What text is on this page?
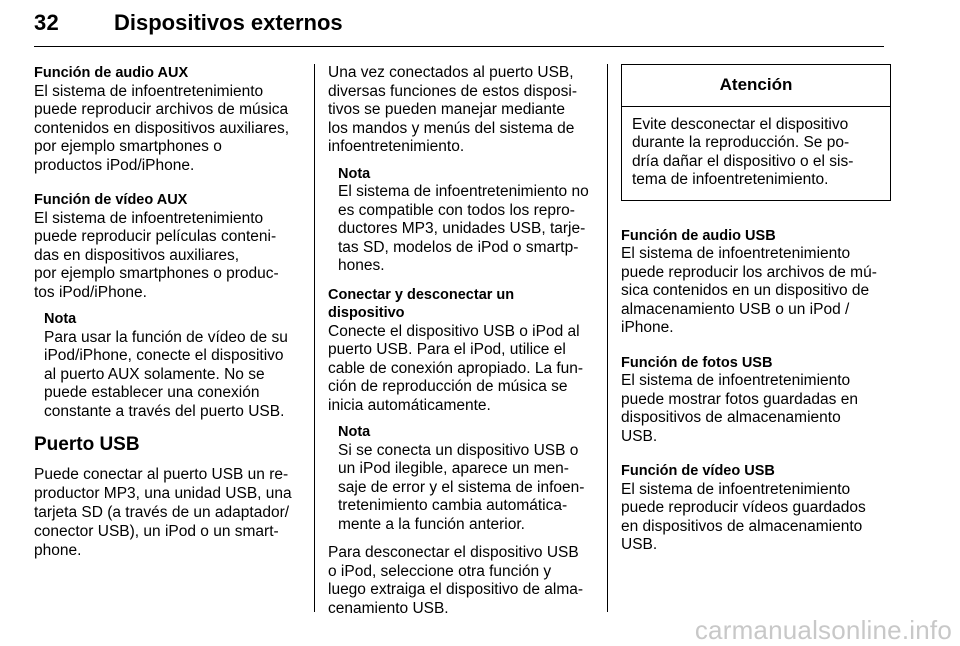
32 Dispositivos externos
Función de audio AUX
El sistema de infoentretenimiento
puede reproducir archivos de música
contenidos en dispositivos auxiliares,
por ejemplo smartphones o
productos iPod/iPhone.
Función de vídeo AUX
El sistema de infoentretenimiento
puede reproducir películas conteni-
das en dispositivos auxiliares,
por ejemplo smartphones o produc-
tos iPod/iPhone.
Nota
Para usar la función de vídeo de su
iPod/iPhone, conecte el dispositivo
al puerto AUX solamente. No se
puede establecer una conexión
constante a través del puerto USB.
Puerto USB
Puede conectar al puerto USB un re-
productor MP3, una unidad USB, una
tarjeta SD (a través de un adaptador/
conector USB), un iPod o un smart-
phone.
Una vez conectados al puerto USB,
diversas funciones de estos disposi-
tivos se pueden manejar mediante
los mandos y menús del sistema de
infoentretenimiento.
Nota
El sistema de infoentretenimiento no
es compatible con todos los repro-
ductores MP3, unidades USB, tarje-
tas SD, modelos de iPod o smartp-
hones.
Conectar y desconectar un
dispositivo
Conecte el dispositivo USB o iPod al
puerto USB. Para el iPod, utilice el
cable de conexión apropiado. La fun-
ción de reproducción de música se
inicia automáticamente.
Nota
Si se conecta un dispositivo USB o
un iPod ilegible, aparece un men-
saje de error y el sistema de infoen-
tretenimiento cambia automática-
mente a la función anterior.
Para desconectar el dispositivo USB
o iPod, seleccione otra función y
luego extraiga el dispositivo de alma-
cenamiento USB.
Atención
Evite desconectar el dispositivo
durante la reproducción. Se po-
dría dañar el dispositivo o el sis-
tema de infoentretenimiento.
Función de audio USB
El sistema de infoentretenimiento
puede reproducir los archivos de mú-
sica contenidos en un dispositivo de
almacenamiento USB o un iPod /
iPhone.
Función de fotos USB
El sistema de infoentretenimiento
puede mostrar fotos guardadas en
dispositivos de almacenamiento
USB.
Función de vídeo USB
El sistema de infoentretenimiento
puede reproducir vídeos guardados
en dispositivos de almacenamiento
USB.
carmanualsonline.info
